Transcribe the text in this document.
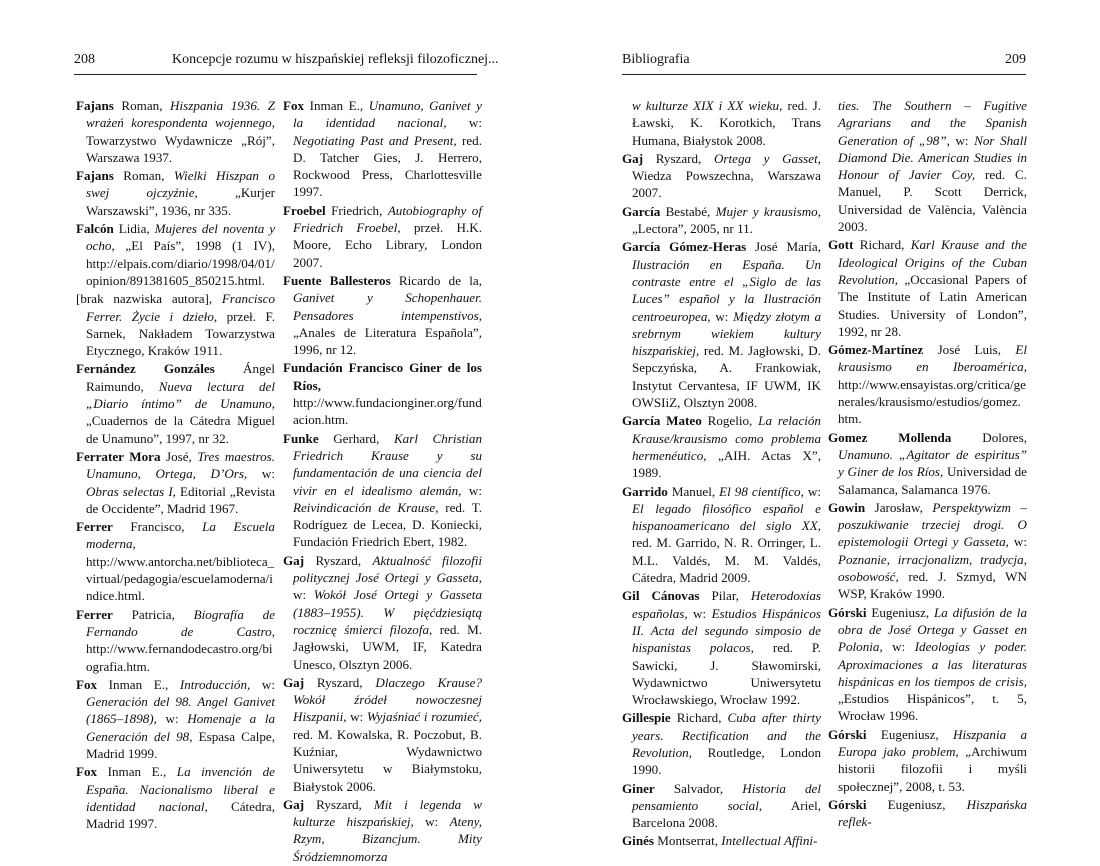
208	Koncepcje rozumu w hiszpańskiej refleksji filozoficznej...

Fajans Roman, Hiszpania 1936. Z wrażeń korespondenta wojennego, Towarzystwo Wydawnicze „Rój”, Warszawa 1937.

Fajans Roman, Wielki Hiszpan o swej ojczyźnie, „Kurjer Warszawski”, 1936, nr 335.

Falcón Lidia, Mujeres del noventa y ocho, „El País”, 1998 (1 IV), http://elpais.com/diario/1998/04/01/opinion/891381605_850215.html.

[brak nazwiska autora], Francisco Ferrer. Życie i dzieło, przeł. F. Sarnek, Nakładem Towarzystwa Etycznego, Kraków 1911.

Fernández Gonzáles Ángel Raimundo, Nueva lectura del „Diario íntimo” de Unamuno, „Cuadernos de la Cátedra Miguel de Unamuno”, 1997, nr 32.

Ferrater Mora José, Tres maestros. Unamuno, Ortega, D’Ors, w: Obras selectas I, Editorial „Revista de Occidente”, Madrid 1967.

Ferrer Francisco, La Escuela moderna, http://www.antorcha.net/biblioteca_virtual/pedagogia/escuelamoderna/indice.html.

Ferrer Patricia, Biografía de Fernando de Castro, http://www.fernandodecastro.org/biografia.htm.

Fox Inman E., Introducción, w: Generación del 98. Angel Ganivet (1865–1898), w: Homenaje a la Generación del 98, Espasa Calpe, Madrid 1999.

Fox Inman E., La invención de España. Nacionalismo liberal e identidad nacional, Cátedra, Madrid 1997.

Fox Inman E., Unamuno, Ganivet y la identidad nacional, w: Negotiating Past and Present, red. D. Tatcher Gies, J. Herrero, Rockwood Press, Charlottesville 1997.

Froebel Friedrich, Autobiography of Friedrich Froebel, przeł. H.K. Moore, Echo Library, London 2007.

Fuente Ballesteros Ricardo de la, Ganivet y Schopenhauer. Pensadores intempenstivos, „Anales de Literatura Española”, 1996, nr 12.

Fundación Francisco Giner de los Ríos, http://www.fundacionginer.org/fundacion.htm.

Funke Gerhard, Karl Christian Friedrich Krause y su fundamentación de una ciencia del vivir en el idealismo alemán, w: Reivindicación de Krause, red. T. Rodríguez de Lecea, D. Koniecki, Fundación Friedrich Ebert, 1982.

Gaj Ryszard, Aktualność filozofii politycznej José Ortegi y Gasseta, w: Wokół José Ortegi y Gasseta (1883–1955). W pięćdziesiątą rocznicę śmierci filozofa, red. M. Jagłowski, UWM, IF, Katedra Unesco, Olsztyn 2006.

Gaj Ryszard, Dlaczego Krause? Wokół źródeł nowoczesnej Hiszpanii, w: Wyjaśniać i rozumieć, red. M. Kowalska, R. Poczobut, B. Kuźniar, Wydawnictwo Uniwersytetu w Białymstoku, Białystok 2006.

Gaj Ryszard, Mit i legenda w kulturze hiszpańskiej, w: Ateny, Rzym, Bizancjum. Mity Śródziemnomorza

Bibliografia	209

w kulturze XIX i XX wieku, red. J. Ławski, K. Korotkich, Trans Humana, Białystok 2008.

Gaj Ryszard, Ortega y Gasset, Wiedza Powszechna, Warszawa 2007.

García Bestabé, Mujer y krausismo, „Lectora”, 2005, nr 11.

García Gómez-Heras José María, Ilustración en España. Un contraste entre el „Siglo de las Luces” español y la Ilustración centroeuropea, w: Między złotym a srebrnym wiekiem kultury hiszpańskiej, red. M. Jagłowski, D. Sepczyńska, A. Frankowiak, Instytut Cervantesa, IF UWM, IK OWSIiZ, Olsztyn 2008.

García Mateo Rogelio, La relación Krause/krausismo como problema hermenéutico, „AIH. Actas X”, 1989.

Garrido Manuel, El 98 científico, w: El legado filosófico español e hispanoamericano del siglo XX, red. M. Garrido, N. R. Orringer, L. M.L. Valdés, M. M. Valdés, Cátedra, Madrid 2009.

Gil Cánovas Pilar, Heterodoxias españolas, w: Estudios Hispánicos II. Acta del segundo simposio de hispanistas polacos, red. P. Sawicki, J. Sławomirski, Wydawnictwo Uniwersytetu Wrocławskiego, Wrocław 1992.

Gillespie Richard, Cuba after thirty years. Rectification and the Revolution, Routledge, London 1990.

Giner Salvador, Historia del pensamiento social, Ariel, Barcelona 2008.

Ginés Montserrat, Intellectual Affini-

ties. The Southern – Fugitive Agrarians and the Spanish Generation of „98”, w: Nor Shall Diamond Die. American Studies in Honour of Javier Coy, red. C. Manuel, P. Scott Derrick, Universidad de València, València 2003.

Gott Richard, Karl Krause and the Ideological Origins of the Cuban Revolution, „Occasional Papers of The Institute of Latin American Studies. University of London”, 1992, nr 28.

Gómez-Martínez José Luis, El krausismo en Iberoamérica, http://www.ensayistas.org/critica/generales/krausismo/estudios/gomez.htm.

Gomez Mollenda Dolores, Unamuno. „Agitator de espiritus” y Giner de los Ríos, Universidad de Salamanca, Salamanca 1976.

Gowin Jarosław, Perspektywizm – poszukiwanie trzeciej drogi. O epistemologii Ortegi y Gasseta, w: Poznanie, irracjonalizm, tradycja, osobowość, red. J. Szmyd, WN WSP, Kraków 1990.

Górski Eugeniusz, La difusión de la obra de José Ortega y Gasset en Polonia, w: Ideologias y poder. Aproximaciones a las literaturas hispánicas en los tiempos de crisis, „Estudios Hispánicos”, t. 5, Wrocław 1996.

Górski Eugeniusz, Hiszpania a Europa jako problem, „Archiwum historii filozofii i myśli społecznej”, 2008, t. 53.

Górski Eugeniusz, Hiszpańska reflek-
